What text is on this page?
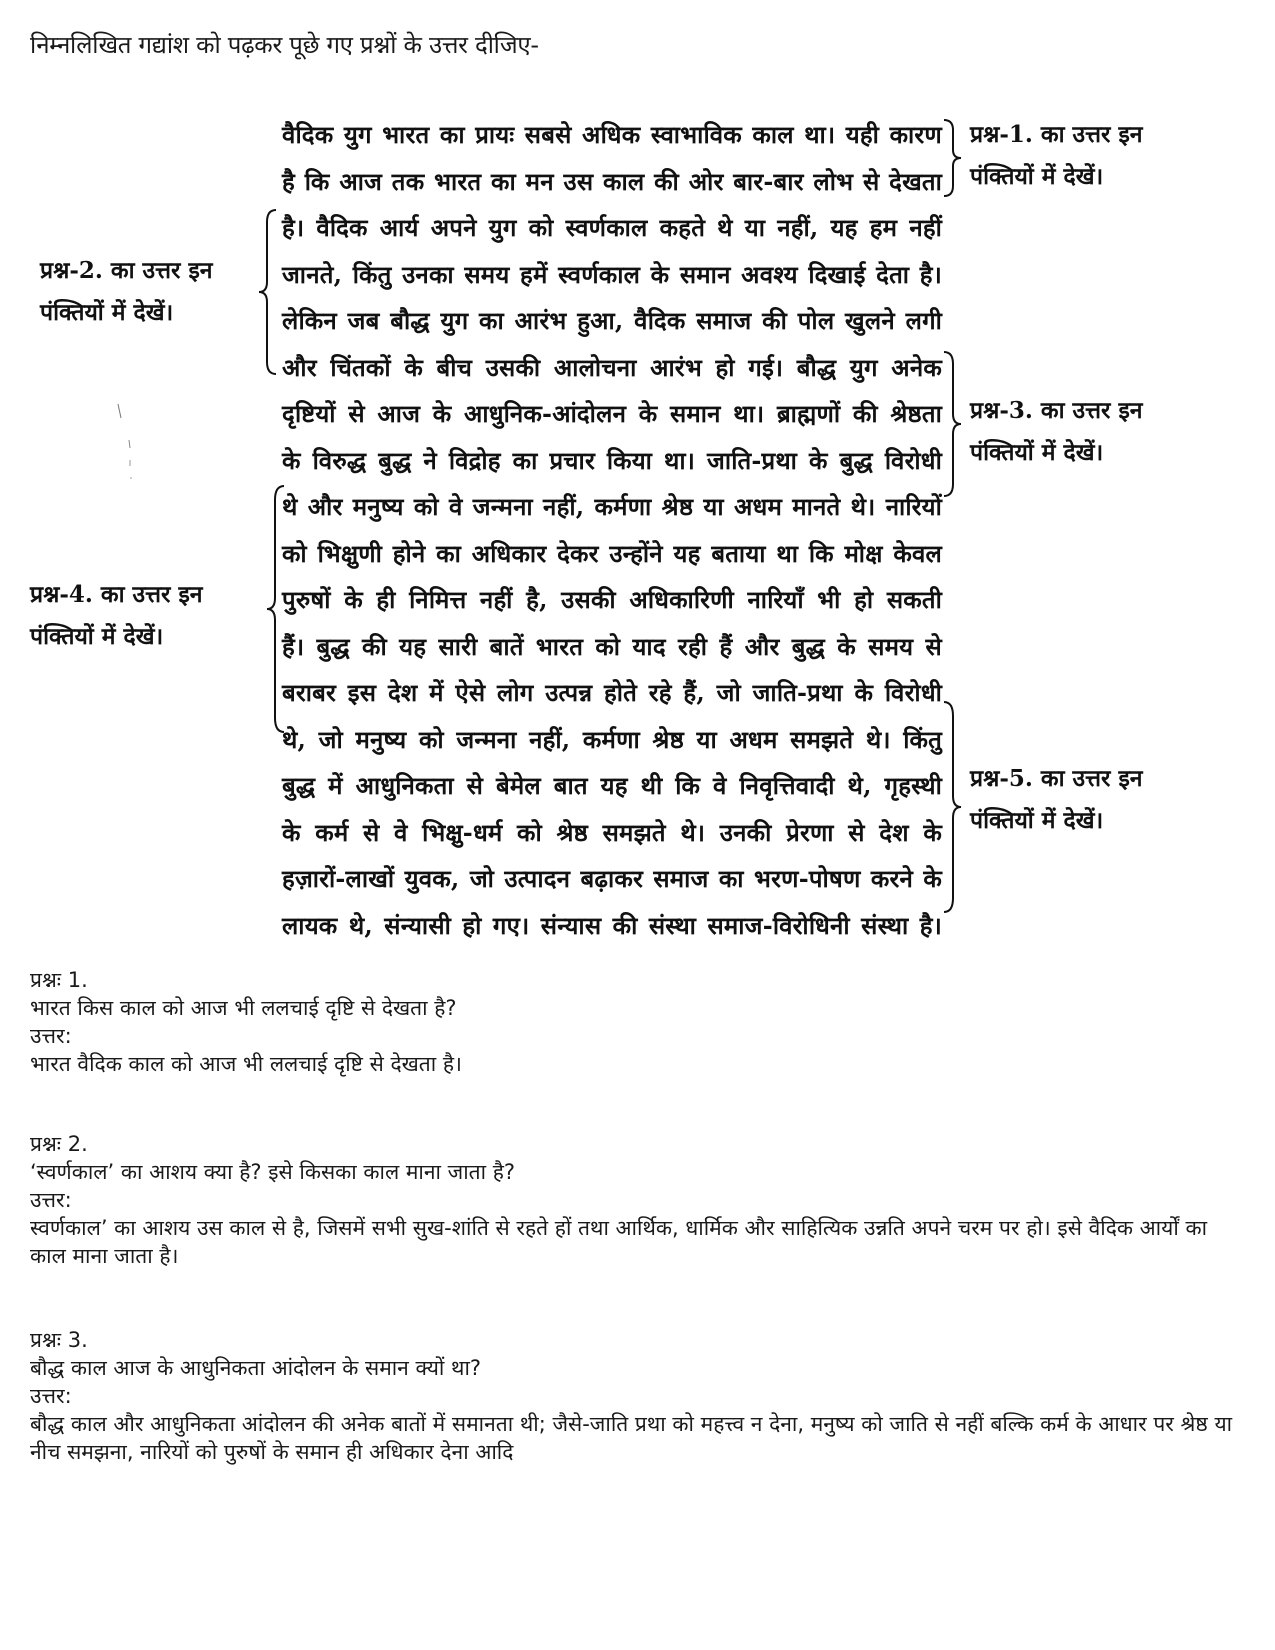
निम्नलिखित गद्यांश को पढ़कर पूछे गए प्रश्नों के उत्तर दीजिए-
वैदिक युग भारत का प्रायः सबसे अधिक स्वाभाविक काल था। यही कारण
है कि आज तक भारत का मन उस काल की ओर बार-बार लोभ से देखता
है। वैदिक आर्य अपने युग को स्वर्णकाल कहते थे या नहीं, यह हम नहीं
जानते, किंतु उनका समय हमें स्वर्णकाल के समान अवश्य दिखाई देता है।
लेकिन जब बौद्ध युग का आरंभ हुआ, वैदिक समाज की पोल खुलने लगी
और चिंतकों के बीच उसकी आलोचना आरंभ हो गई। बौद्ध युग अनेक
दृष्टियों से आज के आधुनिक-आंदोलन के समान था। ब्राह्मणों की श्रेष्ठता
के विरुद्ध बुद्ध ने विद्रोह का प्रचार किया था। जाति-प्रथा के बुद्ध विरोधी
थे और मनुष्य को वे जन्मना नहीं, कर्मणा श्रेष्ठ या अधम मानते थे। नारियों
को भिक्षुणी होने का अधिकार देकर उन्होंने यह बताया था कि मोक्ष केवल
पुरुषों के ही निमित्त नहीं है, उसकी अधिकारिणी नारियाँ भी हो सकती
हैं। बुद्ध की यह सारी बातें भारत को याद रही हैं और बुद्ध के समय से
बराबर इस देश में ऐसे लोग उत्पन्न होते रहे हैं, जो जाति-प्रथा के विरोधी
थे, जो मनुष्य को जन्मना नहीं, कर्मणा श्रेष्ठ या अधम समझते थे। किंतु
बुद्ध में आधुनिकता से बेमेल बात यह थी कि वे निवृत्तिवादी थे, गृहस्थी
के कर्म से वे भिक्षु-धर्म को श्रेष्ठ समझते थे। उनकी प्रेरणा से देश के
हज़ारों-लाखों युवक, जो उत्पादन बढ़ाकर समाज का भरण-पोषण करने के
लायक थे, संन्यासी हो गए। संन्यास की संस्था समाज-विरोधिनी संस्था है।
प्रश्न-1. का उत्तर इन
पंक्तियों में देखें।
प्रश्न-2. का उत्तर इन
पंक्तियों में देखें।
प्रश्न-3. का उत्तर इन
पंक्तियों में देखें।
प्रश्न-4. का उत्तर इन
पंक्तियों में देखें।
प्रश्न-5. का उत्तर इन
पंक्तियों में देखें।
प्रश्नः 1.
भारत किस काल को आज भी ललचाई दृष्टि से देखता है?
उत्तर:
भारत वैदिक काल को आज भी ललचाई दृष्टि से देखता है।
प्रश्नः 2.
‘स्वर्णकाल’ का आशय क्या है? इसे किसका काल माना जाता है?
उत्तर:
स्वर्णकाल’ का आशय उस काल से है, जिसमें सभी सुख-शांति से रहते हों तथा आर्थिक, धार्मिक और साहित्यिक उन्नति अपने चरम पर हो। इसे वैदिक आर्यों का काल माना जाता है।
प्रश्नः 3.
बौद्ध काल आज के आधुनिकता आंदोलन के समान क्यों था?
उत्तर:
बौद्ध काल और आधुनिकता आंदोलन की अनेक बातों में समानता थी; जैसे-जाति प्रथा को महत्त्व न देना, मनुष्य को जाति से नहीं बल्कि कर्म के आधार पर श्रेष्ठ या नीच समझना, नारियों को पुरुषों के समान ही अधिकार देना आदि
